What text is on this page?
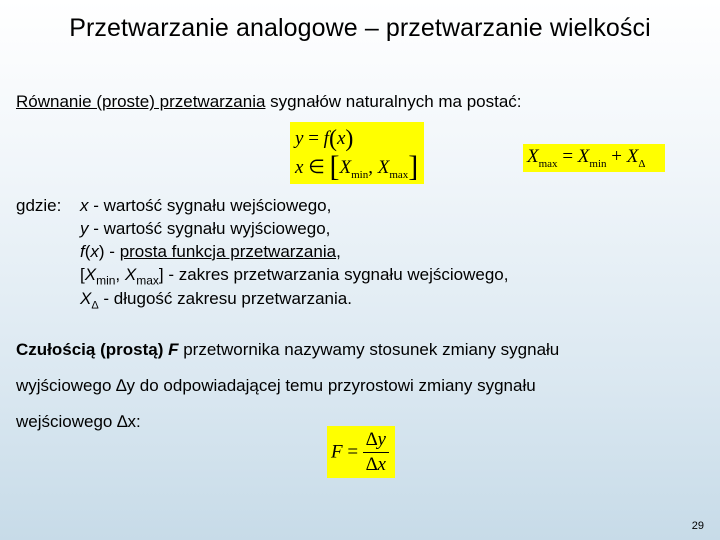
Przetwarzanie analogowe – przetwarzanie wielkości
Równanie (proste) przetwarzania sygnałów naturalnych ma postać:
y = f(x)
x ∈ [$X_{min}$, $X_{max}$]	$X_{max} = X_{min} + X_\Delta$
gdzie: x - wartość sygnału wejściowego,
y - wartość sygnału wyjściowego,
f(x) - prosta funkcja przetwarzania,
[$X_{min}$, $X_{max}$] - zakres przetwarzania sygnału wejściowego,
$X_\Delta$ - długość zakresu przetwarzania.
Czułością (prostą) F przetwornika nazywamy stosunek zmiany sygnału
wyjściowego ∆y do odpowiadającej temu przyrostowi zmiany sygnału
wejściowego ∆x:
$F = \frac{\Delta y}{\Delta x}$
29
